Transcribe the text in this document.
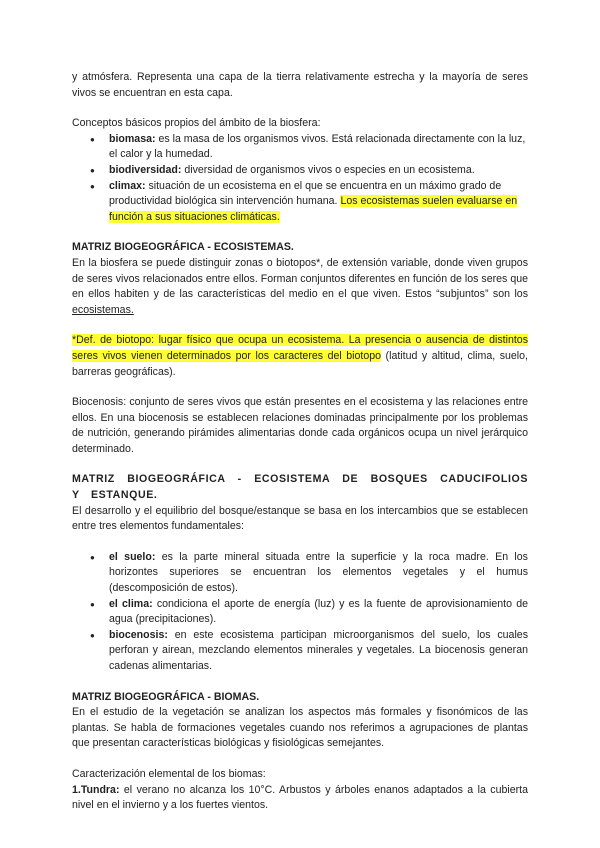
y atmósfera. Representa una capa de la tierra relativamente estrecha y la mayoría de seres vivos se encuentran en esta capa.

Conceptos básicos propios del ámbito de la biosfera:

● biomasa: es la masa de los organismos vivos. Está relacionada directamente con la luz, el calor y la humedad.
● biodiversidad: diversidad de organismos vivos o especies en un ecosistema.
● climax: situación de un ecosistema en el que se encuentra en un máximo grado de productividad biológica sin intervención humana. Los ecosistemas suelen evaluarse en función a sus situaciones climáticas.

MATRIZ BIOGEOGRÁFICA - ECOSISTEMAS.

En la biosfera se puede distinguir zonas o biotopos*, de extensión variable, donde viven grupos de seres vivos relacionados entre ellos. Forman conjuntos diferentes en función de los seres que en ellos habiten y de las características del medio en el que viven. Estos “subjuntos” son los ecosistemas.

*Def. de biotopo: lugar físico que ocupa un ecosistema. La presencia o ausencia de distintos seres vivos vienen determinados por los caracteres del biotopo (latitud y altitud, clima, suelo, barreras geográficas).

Biocenosis: conjunto de seres vivos que están presentes en el ecosistema y las relaciones entre ellos. En una biocenosis se establecen relaciones dominadas principalmente por los problemas de nutrición, generando pirámides alimentarias donde cada orgánicos ocupa un nivel jerárquico determinado.

MATRIZ BIOGEOGRÁFICA - ECOSISTEMA DE BOSQUES CADUCIFOLIOS Y ESTANQUE.

El desarrollo y el equilibrio del bosque/estanque se basa en los intercambios que se establecen entre tres elementos fundamentales:

● el suelo: es la parte mineral situada entre la superficie y la roca madre. En los horizontes superiores se encuentran los elementos vegetales y el humus (descomposición de estos).
● el clima: condiciona el aporte de energía (luz) y es la fuente de aprovisionamiento de agua (precipitaciones).
● biocenosis: en este ecosistema participan microorganismos del suelo, los cuales perforan y airean, mezclando elementos minerales y vegetales. La biocenosis generan cadenas alimentarias.

MATRIZ BIOGEOGRÁFICA - BIOMAS.

En el estudio de la vegetación se analizan los aspectos más formales y fisonómicos de las plantas. Se habla de formaciones vegetales cuando nos referimos a agrupaciones de plantas que presentan características biológicas y fisiológicas semejantes.

Caracterización elemental de los biomas:

1.Tundra: el verano no alcanza los 10°C. Arbustos y árboles enanos adaptados a la cubierta nivel en el invierno y a los fuertes vientos.
